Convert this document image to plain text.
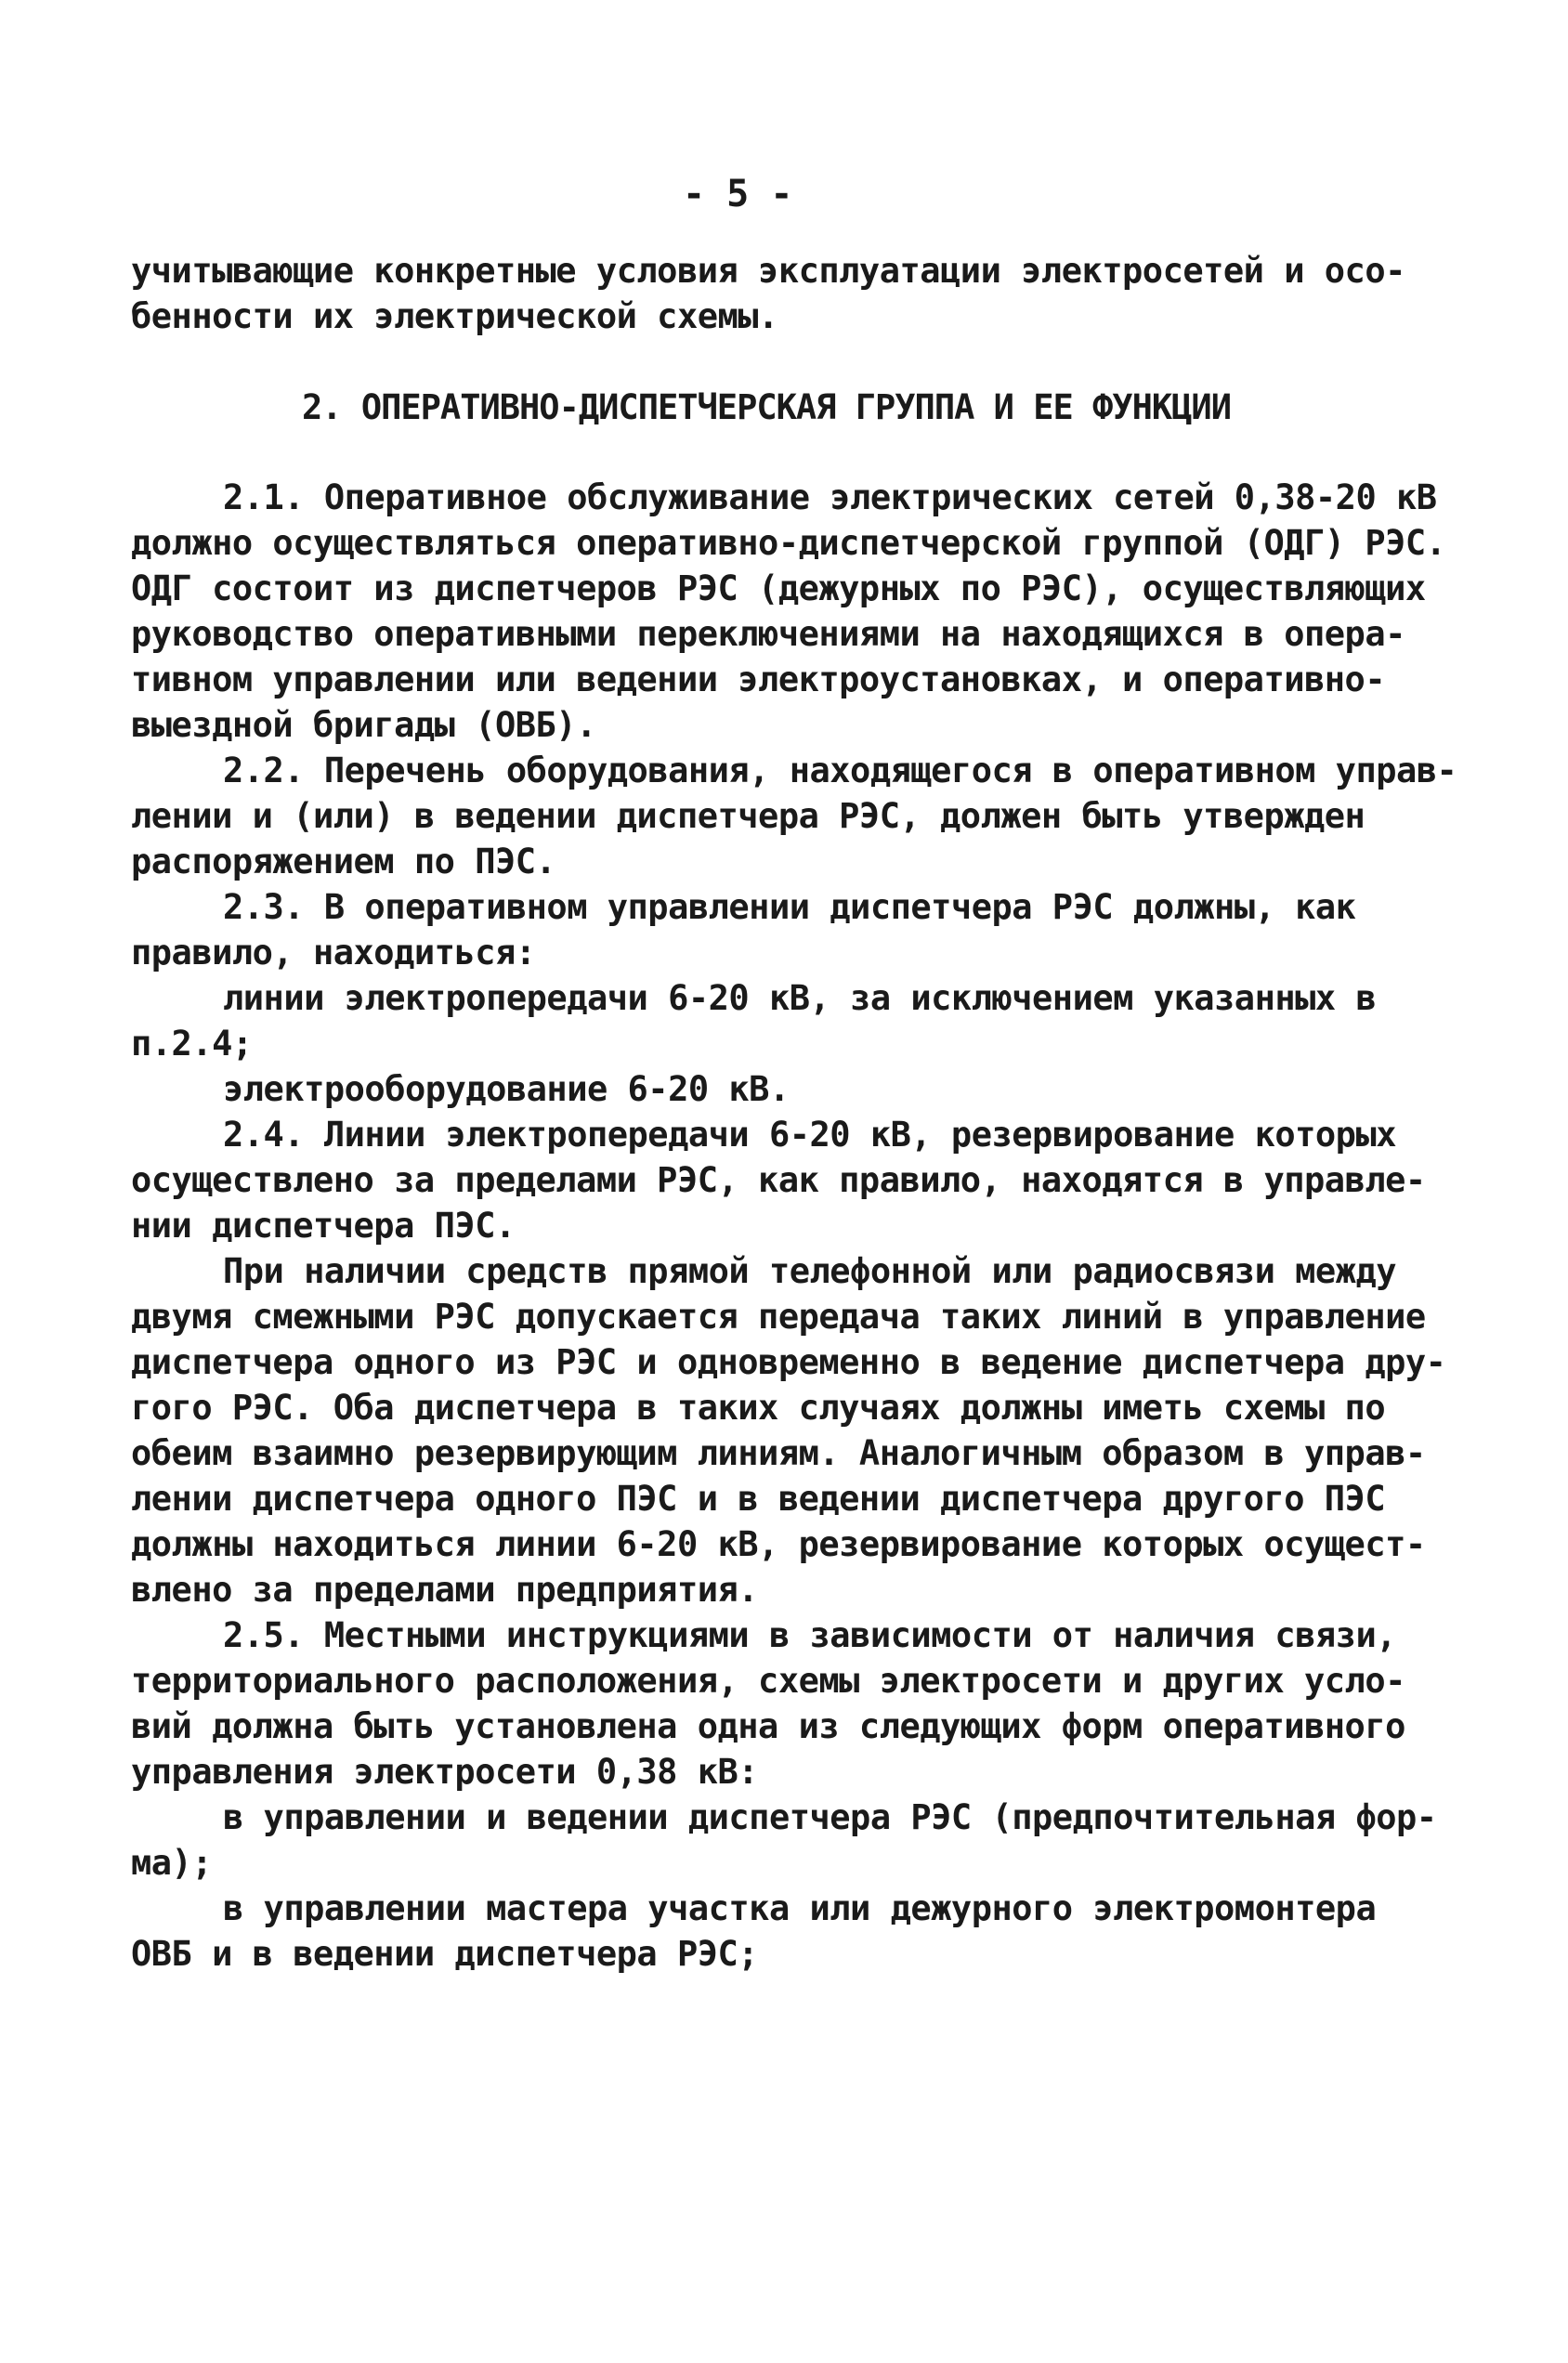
- 5 -
учитывающие конкретные условия эксплуатации электросетей и осо-
бенности их электрической схемы.
2. ОПЕРАТИВНО-ДИСПЕТЧЕРСКАЯ ГРУППА И ЕЕ ФУНКЦИИ
2.1. Оперативное обслуживание электрических сетей 0,38-20 кВ
должно осуществляться оперативно-диспетчерской группой (ОДГ) РЭС.
ОДГ состоит из диспетчеров РЭС (дежурных по РЭС), осуществляющих
руководство оперативными переключениями на находящихся в опера-
тивном управлении или ведении электроустановках, и оперативно-
выездной бригады (ОВБ).
2.2. Перечень оборудования, находящегося в оперативном управ-
лении и (или) в ведении диспетчера РЭС, должен быть утвержден
распоряжением по ПЭС.
2.3. В оперативном управлении диспетчера РЭС должны, как
правило, находиться:
линии электропередачи 6-20 кВ, за исключением указанных в
п.2.4;
электрооборудование 6-20 кВ.
2.4. Линии электропередачи 6-20 кВ, резервирование которых
осуществлено за пределами РЭС, как правило, находятся в управле-
нии диспетчера ПЭС.
При наличии средств прямой телефонной или радиосвязи между
двумя смежными РЭС допускается передача таких линий в управление
диспетчера одного из РЭС и одновременно в ведение диспетчера дру-
гого РЭС. Оба диспетчера в таких случаях должны иметь схемы по
обеим взаимно резервирующим линиям. Аналогичным образом в управ-
лении диспетчера одного ПЭС и в ведении диспетчера другого ПЭС
должны находиться линии 6-20 кВ, резервирование которых осущест-
влено за пределами предприятия.
2.5. Местными инструкциями в зависимости от наличия связи,
территориального расположения, схемы электросети и других усло-
вий должна быть установлена одна из следующих форм оперативного
управления электросети 0,38 кВ:
в управлении и ведении диспетчера РЭС (предпочтительная фор-
ма);
в управлении мастера участка или дежурного электромонтера
ОВБ и в ведении диспетчера РЭС;
